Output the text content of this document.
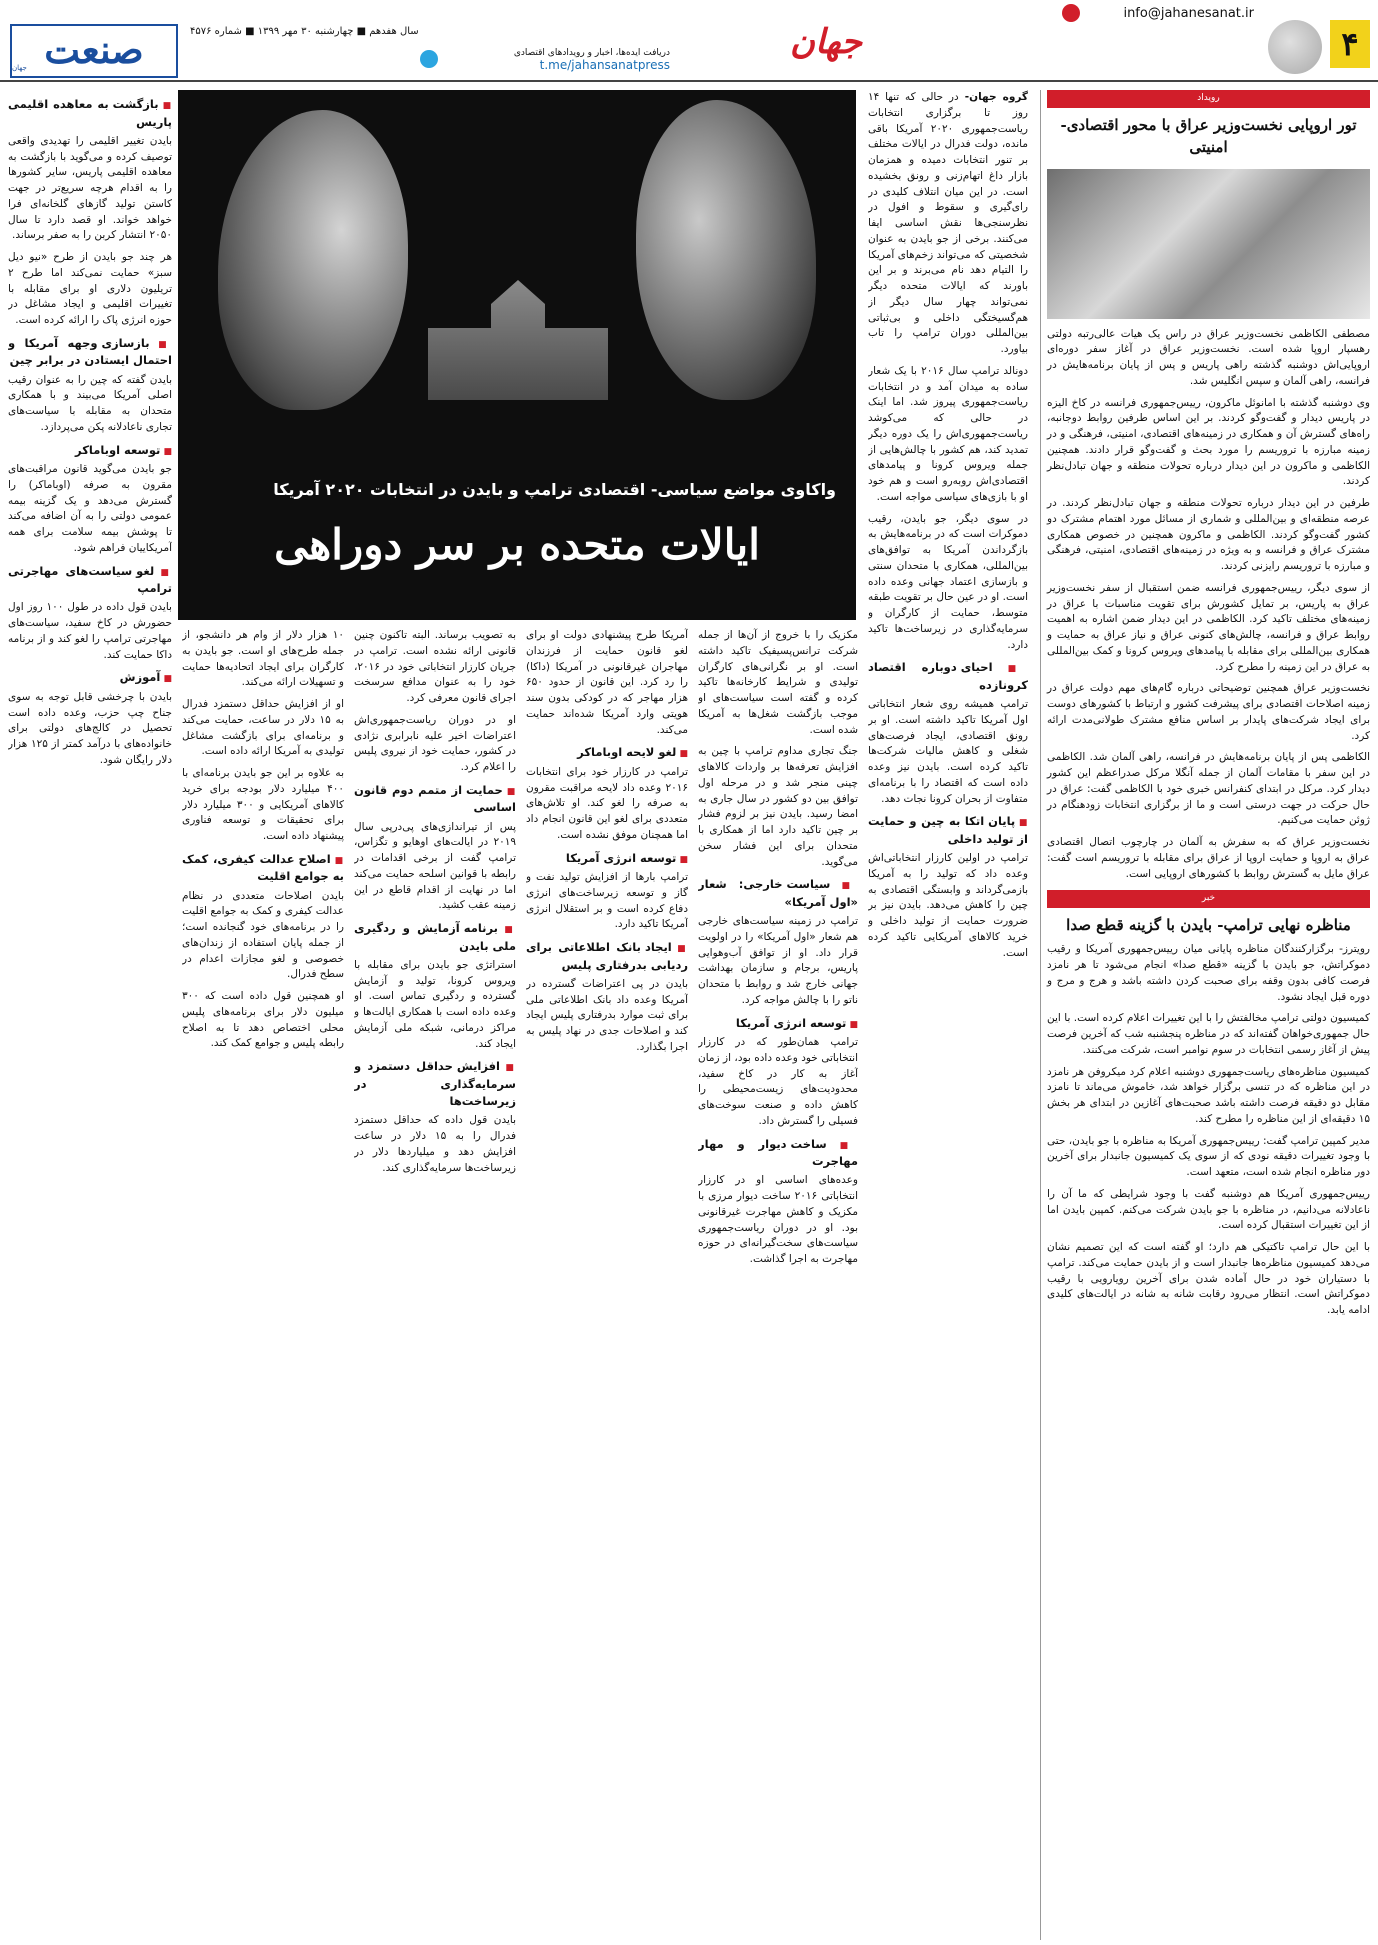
۴
info@jahanesanat.ir
جهان
دریافت ایده‌ها، اخبار و رویدادهای اقتصادی
t.me/jahansanatpress
سال هفدهم ■ چهارشنبه ۳۰ مهر ۱۳۹۹ ■ شماره ۴۵۷۶
صنعت
جهان
رویداد
تور اروپایی نخست‌وزیر عراق با محور اقتصادی- امنیتی

مصطفی الکاظمی نخست‌وزیر عراق در راس یک هیات عالی‌رتبه دولتی رهسپار اروپا شده است. نخست‌وزیر عراق در آغاز سفر دوره‌ای اروپایی‌اش دوشنبه گذشته راهی پاریس و پس از پایان برنامه‌هایش در فرانسه، راهی آلمان و سپس انگلیس شد.

وی دوشنبه گذشته با امانوئل ماکرون، رییس‌جمهوری فرانسه در کاخ الیزه در پاریس دیدار و گفت‌وگو کردند. بر این اساس طرفین روابط دوجانبه، راه‌های گسترش آن و همکاری در زمینه‌های اقتصادی، امنیتی، فرهنگی و در زمینه مبارزه با تروریسم را مورد بحث و گفت‌وگو قرار دادند. همچنین الکاظمی و ماکرون در این دیدار درباره تحولات منطقه و جهان تبادل‌نظر کردند.

طرفین در این دیدار درباره تحولات منطقه و جهان تبادل‌نظر کردند. در عرصه منطقه‌ای و بین‌المللی و شماری از مسائل مورد اهتمام مشترک دو کشور گفت‌وگو کردند. الکاظمی و ماکرون همچنین در خصوص همکاری مشترک عراق و فرانسه و به ویژه در زمینه‌های اقتصادی، امنیتی، فرهنگی و مبارزه با تروریسم رایزنی کردند.

از سوی دیگر، رییس‌جمهوری فرانسه ضمن استقبال از سفر نخست‌وزیر عراق به پاریس، بر تمایل کشورش برای تقویت مناسبات با عراق در زمینه‌های مختلف تاکید کرد. الکاظمی در این دیدار ضمن اشاره به اهمیت روابط عراق و فرانسه، چالش‌های کنونی عراق و نیاز عراق به حمایت و همکاری بین‌المللی برای مقابله با پیامدهای ویروس کرونا و کمک بین‌المللی به عراق در این زمینه را مطرح کرد.

نخست‌وزیر عراق همچنین توضیحاتی درباره گام‌های مهم دولت عراق در زمینه اصلاحات اقتصادی برای پیشرفت کشور و ارتباط با کشورهای دوست برای ایجاد شرکت‌های پایدار بر اساس منافع مشترک طولانی‌مدت ارائه کرد.

الکاظمی پس از پایان برنامه‌هایش در فرانسه، راهی آلمان شد. الکاظمی در این سفر با مقامات آلمان از جمله آنگلا مرکل صدراعظم این کشور دیدار کرد. مرکل در ابتدای کنفرانس خبری خود با الکاظمی گفت: عراق در حال حرکت در جهت درستی است و ما از برگزاری انتخابات زودهنگام در ژوئن حمایت می‌کنیم.

نخست‌وزیر عراق که به سفرش به آلمان در چارچوب اتصال اقتصادی عراق به اروپا و حمایت اروپا از عراق برای مقابله با تروریسم است گفت: عراق مایل به گسترش روابط با کشورهای اروپایی است.

خبر
مناظره نهایی ترامپ- بایدن با گزینه قطع صدا

رویترز- برگزارکنندگان مناظره پایانی میان رییس‌جمهوری آمریکا و رقیب دموکراتش، جو بایدن با گزینه «قطع صدا» انجام می‌شود تا هر نامزد فرصت کافی بدون وقفه برای صحبت کردن داشته باشد و هرج و مرج و دوره قبل ایجاد نشود.

کمیسیون دولتی ترامپ مخالفتش را با این تغییرات اعلام کرده است. با این حال جمهوری‌خواهان گفته‌اند که در مناظره پنجشنبه شب که آخرین فرصت پیش از آغاز رسمی انتخابات در سوم نوامبر است، شرکت می‌کنند.

کمیسیون مناظره‌های ریاست‌جمهوری دوشنبه اعلام کرد میکروفن هر نامزد در این مناظره که در تنسی برگزار خواهد شد، خاموش می‌ماند تا نامزد مقابل دو دقیقه فرصت داشته باشد صحبت‌های آغازین در ابتدای هر بخش ۱۵ دقیقه‌ای از این مناظره را مطرح کند.

مدیر کمپین ترامپ گفت: رییس‌جمهوری آمریکا به مناظره با جو بایدن، حتی با وجود تغییرات دقیقه نودی که از سوی یک کمیسیون جانبدار برای آخرین دور مناظره انجام شده است، متعهد است.

رییس‌جمهوری آمریکا هم دوشنبه گفت با وجود شرایطی که ما آن را ناعادلانه می‌دانیم، در مناظره با جو بایدن شرکت می‌کنم. کمپین بایدن اما از این تغییرات استقبال کرده است.

با این حال ترامپ تاکتیکی هم دارد؛ او گفته است که این تصمیم نشان می‌دهد کمیسیون مناظره‌ها جانبدار است و از بایدن حمایت می‌کند. ترامپ با دستیاران خود در حال آماده شدن برای آخرین رویارویی با رقیب دموکراتش است. انتظار می‌رود رقابت شانه به شانه در ایالت‌های کلیدی ادامه یابد.

واکاوی مواضع سیاسی- اقتصادی ترامپ و بایدن در انتخابات ۲۰۲۰ آمریکا
ایالات متحده بر سر دوراهی

گروه جهان- در حالی که تنها ۱۴ روز تا برگزاری انتخابات ریاست‌جمهوری ۲۰۲۰ آمریکا باقی مانده، دولت فدرال در ایالات مختلف بر تنور انتخابات دمیده و همزمان بازار داغ اتهام‌زنی و رونق بخشیده است. در این میان انتلاف کلیدی در رای‌گیری و سقوط و افول در نظرسنجی‌ها نقش اساسی ایفا می‌کنند. برخی از جو بایدن به عنوان شخصیتی که می‌تواند زخم‌های آمریکا را التیام دهد نام می‌برند و بر این باورند که ایالات متحده دیگر نمی‌تواند چهار سال دیگر از هم‌گسیختگی داخلی و بی‌ثباتی بین‌المللی دوران ترامپ را تاب بیاورد.

دونالد ترامپ سال ۲۰۱۶ با یک شعار ساده به میدان آمد و در انتخابات ریاست‌جمهوری پیروز شد. اما اینک در حالی که می‌کوشد ریاست‌جمهوری‌اش را یک دوره دیگر تمدید کند، هم کشور با چالش‌هایی از جمله ویروس کرونا و پیامدهای اقتصادی‌اش روبه‌رو است و هم خود او با بازی‌های سیاسی مواجه است.

در سوی دیگر، جو بایدن، رقیب دموکرات است که در برنامه‌هایش به بازگرداندن آمریکا به توافق‌های بین‌المللی، همکاری با متحدان سنتی و بازسازی اعتماد جهانی وعده داده است. او در عین حال بر تقویت طبقه متوسط، حمایت از کارگران و سرمایه‌گذاری در زیرساخت‌ها تاکید دارد.

■ احیای دوباره اقتصاد کرونازده

ترامپ همیشه روی شعار انتخاباتی اول آمریکا تاکید داشته است. او بر رونق اقتصادی، ایجاد فرصت‌های شغلی و کاهش مالیات شرکت‌ها تاکید کرده است. بایدن نیز وعده داده است که اقتصاد را با برنامه‌ای متفاوت از بحران کرونا نجات دهد.

■ پایان اتکا به چین و حمایت از تولید داخلی

ترامپ در اولین کارزار انتخاباتی‌اش وعده داد که تولید را به آمریکا بازمی‌گرداند و وابستگی اقتصادی به چین را کاهش می‌دهد. بایدن نیز بر ضرورت حمایت از تولید داخلی و خرید کالاهای آمریکایی تاکید کرده است.

مکزیک را با خروج از آن‌ها از جمله شرکت ترانس‌پسیفیک تاکید داشته است. او بر نگرانی‌های کارگران تولیدی و شرایط کارخانه‌ها تاکید کرده و گفته است سیاست‌های او موجب بازگشت شغل‌ها به آمریکا شده است.

جنگ تجاری مداوم ترامپ با چین به افزایش تعرفه‌ها بر واردات کالاهای چینی منجر شد و در مرحله اول توافق بین دو کشور در سال جاری به امضا رسید. بایدن نیز بر لزوم فشار بر چین تاکید دارد اما از همکاری با متحدان برای این فشار سخن می‌گوید.

■ سیاست خارجی: شعار «اول آمریکا»

ترامپ در زمینه سیاست‌های خارجی هم شعار «اول آمریکا» را در اولویت قرار داد. او از توافق آب‌وهوایی پاریس، برجام و سازمان بهداشت جهانی خارج شد و روابط با متحدان ناتو را با چالش مواجه کرد.

■ توسعه انرژی آمریکا

ترامپ همان‌طور که در کارزار انتخاباتی خود وعده داده بود، از زمان آغاز به کار در کاخ سفید، محدودیت‌های زیست‌محیطی را کاهش داده و صنعت سوخت‌های فسیلی را گسترش داد.

■ ساخت دیوار و مهار مهاجرت

وعده‌های اساسی او در کارزار انتخاباتی ۲۰۱۶ ساخت دیوار مرزی با مکزیک و کاهش مهاجرت غیرقانونی بود. او در دوران ریاست‌جمهوری سیاست‌های سخت‌گیرانه‌ای در حوزه مهاجرت به اجرا گذاشت.

آمریکا طرح پیشنهادی دولت او برای لغو قانون حمایت از فرزندان مهاجران غیرقانونی در آمریکا (داکا) را رد کرد. این قانون از حدود ۶۵۰ هزار مهاجر که در کودکی بدون سند هویتی وارد آمریکا شده‌اند حمایت می‌کند.

■ لغو لایحه اوباماکر

ترامپ در کارزار خود برای انتخابات ۲۰۱۶ وعده داد لایحه مراقبت مقرون به صرفه را لغو کند. او تلاش‌های متعددی برای لغو این قانون انجام داد اما همچنان موفق نشده است.

■ توسعه انرژی آمریکا

ترامپ بارها از افزایش تولید نفت و گاز و توسعه زیرساخت‌های انرژی دفاع کرده است و بر استقلال انرژی آمریکا تاکید دارد.

■ ایجاد بانک اطلاعاتی برای ردیابی بدرفتاری پلیس

بایدن در پی اعتراضات گسترده در آمریکا وعده داد بانک اطلاعاتی ملی برای ثبت موارد بدرفتاری پلیس ایجاد کند و اصلاحات جدی در نهاد پلیس به اجرا بگذارد.

به تصویب برساند. البته تاکنون چنین قانونی ارائه نشده است. ترامپ در جریان کارزار انتخاباتی خود در ۲۰۱۶، خود را به عنوان مدافع سرسخت اجرای قانون معرفی کرد.

او در دوران ریاست‌جمهوری‌اش اعتراضات اخیر علیه نابرابری نژادی در کشور، حمایت خود از نیروی پلیس را اعلام کرد.

■ حمایت از متمم دوم قانون اساسی

پس از تیراندازی‌های پی‌درپی سال ۲۰۱۹ در ایالت‌های اوهایو و تگزاس، ترامپ گفت از برخی اقدامات در رابطه با قوانین اسلحه حمایت می‌کند اما در نهایت از اقدام قاطع در این زمینه عقب کشید.

■ برنامه آزمایش و ردگیری ملی بایدن

استراتژی جو بایدن برای مقابله با ویروس کرونا، تولید و آزمایش گسترده و ردگیری تماس است. او وعده داده است با همکاری ایالت‌ها و مراکز درمانی، شبکه ملی آزمایش ایجاد کند.

■ افزایش حداقل دستمزد و سرمایه‌گذاری در زیرساخت‌ها

بایدن قول داده که حداقل دستمزد فدرال را به ۱۵ دلار در ساعت افزایش دهد و میلیاردها دلار در زیرساخت‌ها سرمایه‌گذاری کند.

۱۰ هزار دلار از وام هر دانشجو، از جمله طرح‌های او است. جو بایدن به کارگران برای ایجاد اتحادیه‌ها حمایت و تسهیلات ارائه می‌کند.

او از افزایش حداقل دستمزد فدرال به ۱۵ دلار در ساعت، حمایت می‌کند و برنامه‌ای برای بازگشت مشاغل تولیدی به آمریکا ارائه داده است.

به علاوه بر این جو بایدن برنامه‌ای با ۴۰۰ میلیارد دلار بودجه برای خرید کالاهای آمریکایی و ۳۰۰ میلیارد دلار برای تحقیقات و توسعه فناوری پیشنهاد داده است.

■ اصلاح عدالت کیفری، کمک به جوامع اقلیت

بایدن اصلاحات متعددی در نظام عدالت کیفری و کمک به جوامع اقلیت را در برنامه‌های خود گنجانده است؛ از جمله پایان استفاده از زندان‌های خصوصی و لغو مجازات اعدام در سطح فدرال.

او همچنین قول داده است که ۳۰۰ میلیون دلار برای برنامه‌های پلیس محلی اختصاص دهد تا به اصلاح رابطه پلیس و جوامع کمک کند.

■ بازگشت به معاهده اقلیمی پاریس

بایدن تغییر اقلیمی را تهدیدی واقعی توصیف کرده و می‌گوید با بازگشت به معاهده اقلیمی پاریس، سایر کشورها را به اقدام هرچه سریع‌تر در جهت کاستن تولید گازهای گلخانه‌ای فرا خواهد خواند. او قصد دارد تا سال ۲۰۵۰ انتشار کربن را به صفر برساند.

هر چند جو بایدن از طرح «نیو دیل سبز» حمایت نمی‌کند اما طرح ۲ تریلیون دلاری او برای مقابله با تغییرات اقلیمی و ایجاد مشاغل در حوزه انرژی پاک را ارائه کرده است.

■ بازسازی وجهه آمریکا و احتمال ایستادن در برابر چین

بایدن گفته که چین را به عنوان رقیب اصلی آمریکا می‌بیند و با همکاری متحدان به مقابله با سیاست‌های تجاری ناعادلانه پکن می‌پردازد.

■ توسعه اوباماکر

جو بایدن می‌گوید قانون مراقبت‌های مقرون به صرفه (اوباماکر) را گسترش می‌دهد و یک گزینه بیمه عمومی دولتی را به آن اضافه می‌کند تا پوشش بیمه سلامت برای همه آمریکاییان فراهم شود.

■ لغو سیاست‌های مهاجرتی ترامپ

بایدن قول داده در طول ۱۰۰ روز اول حضورش در کاخ سفید، سیاست‌های مهاجرتی ترامپ را لغو کند و از برنامه داکا حمایت کند.

■ آموزش

بایدن با چرخشی قابل توجه به سوی جناح چپ حزب، وعده داده است تحصیل در کالج‌های دولتی برای خانواده‌های با درآمد کمتر از ۱۲۵ هزار دلار رایگان شود.
